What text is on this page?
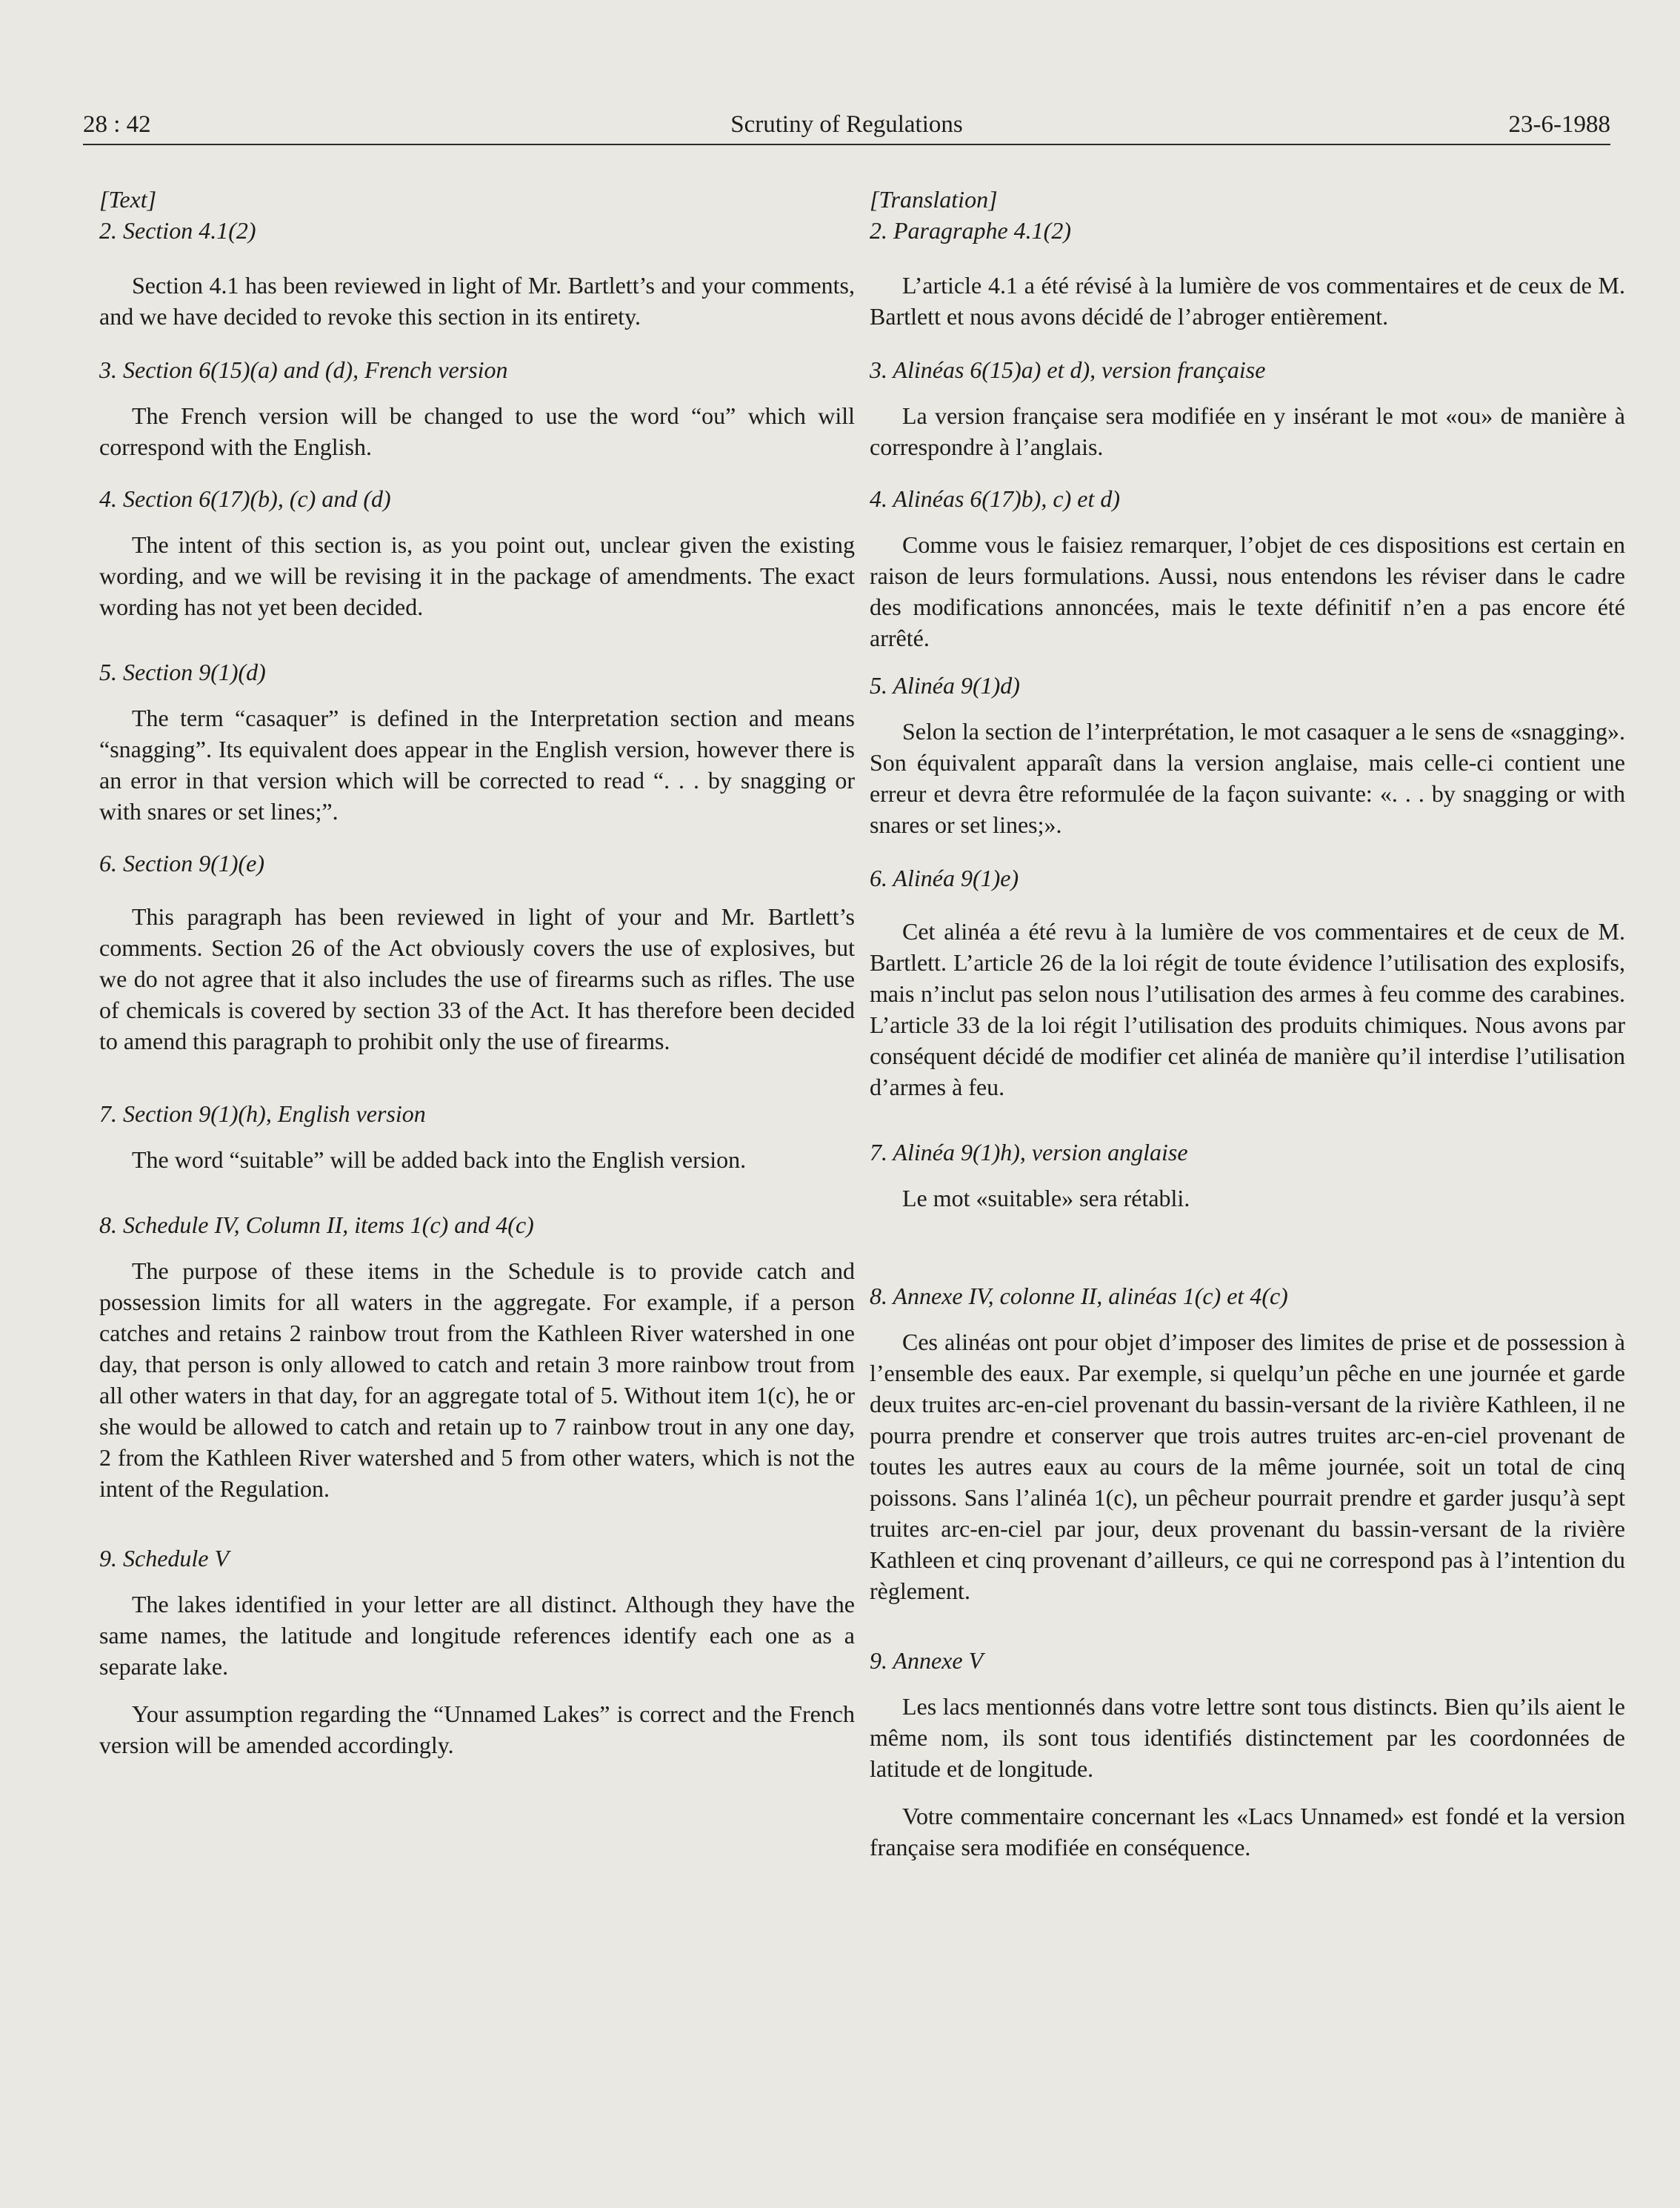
28 : 42	Scrutiny of Regulations	23-6-1988
[Text]
2. Section 4.1(2)

Section 4.1 has been reviewed in light of Mr. Bartlett’s and your comments, and we have decided to revoke this section in its entirety.

3. Section 6(15)(a) and (d), French version

The French version will be changed to use the word “ou” which will correspond with the English.

4. Section 6(17)(b), (c) and (d)

The intent of this section is, as you point out, unclear given the existing wording, and we will be revising it in the package of amendments. The exact wording has not yet been decided.

5. Section 9(1)(d)

The term “casaquer” is defined in the Interpretation section and means “snagging”. Its equivalent does appear in the English version, however there is an error in that version which will be corrected to read “. . . by snagging or with snares or set lines;”.

6. Section 9(1)(e)

This paragraph has been reviewed in light of your and Mr. Bartlett’s comments. Section 26 of the Act obviously covers the use of explosives, but we do not agree that it also includes the use of firearms such as rifles. The use of chemicals is covered by section 33 of the Act. It has therefore been decided to amend this paragraph to prohibit only the use of firearms.

7. Section 9(1)(h), English version

The word “suitable” will be added back into the English version.

8. Schedule IV, Column II, items 1(c) and 4(c)

The purpose of these items in the Schedule is to provide catch and possession limits for all waters in the aggregate. For example, if a person catches and retains 2 rainbow trout from the Kathleen River watershed in one day, that person is only allowed to catch and retain 3 more rainbow trout from all other waters in that day, for an aggregate total of 5. Without item 1(c), he or she would be allowed to catch and retain up to 7 rainbow trout in any one day, 2 from the Kathleen River watershed and 5 from other waters, which is not the intent of the Regulation.

9. Schedule V

The lakes identified in your letter are all distinct. Although they have the same names, the latitude and longitude references identify each one as a separate lake.

Your assumption regarding the “Unnamed Lakes” is correct and the French version will be amended accordingly.

[Translation]
2. Paragraphe 4.1(2)

L’article 4.1 a été révisé à la lumière de vos commentaires et de ceux de M. Bartlett et nous avons décidé de l’abroger entièrement.

3. Alinéas 6(15)a) et d), version française

La version française sera modifiée en y insérant le mot «ou» de manière à correspondre à l’anglais.

4. Alinéas 6(17)b), c) et d)

Comme vous le faisiez remarquer, l’objet de ces dispositions est certain en raison de leurs formulations. Aussi, nous entendons les réviser dans le cadre des modifications annoncées, mais le texte définitif n’en a pas encore été arrêté.

5. Alinéa 9(1)d)

Selon la section de l’interprétation, le mot casaquer a le sens de «snagging». Son équivalent apparaît dans la version anglaise, mais celle-ci contient une erreur et devra être reformulée de la façon suivante: «. . . by snagging or with snares or set lines;».

6. Alinéa 9(1)e)

Cet alinéa a été revu à la lumière de vos commentaires et de ceux de M. Bartlett. L’article 26 de la loi régit de toute évidence l’utilisation des explosifs, mais n’inclut pas selon nous l’utilisation des armes à feu comme des carabines. L’article 33 de la loi régit l’utilisation des produits chimiques. Nous avons par conséquent décidé de modifier cet alinéa de manière qu’il interdise l’utilisation d’armes à feu.

7. Alinéa 9(1)h), version anglaise

Le mot «suitable» sera rétabli.

8. Annexe IV, colonne II, alinéas 1(c) et 4(c)

Ces alinéas ont pour objet d’imposer des limites de prise et de possession à l’ensemble des eaux. Par exemple, si quelqu’un pêche en une journée et garde deux truites arc-en-ciel provenant du bassin-versant de la rivière Kathleen, il ne pourra prendre et conserver que trois autres truites arc-en-ciel provenant de toutes les autres eaux au cours de la même journée, soit un total de cinq poissons. Sans l’alinéa 1(c), un pêcheur pourrait prendre et garder jusqu’à sept truites arc-en-ciel par jour, deux provenant du bassin-versant de la rivière Kathleen et cinq provenant d’ailleurs, ce qui ne correspond pas à l’intention du règlement.

9. Annexe V

Les lacs mentionnés dans votre lettre sont tous distincts. Bien qu’ils aient le même nom, ils sont tous identifiés distinctement par les coordonnées de latitude et de longitude.

Votre commentaire concernant les «Lacs Unnamed» est fondé et la version française sera modifiée en conséquence.
